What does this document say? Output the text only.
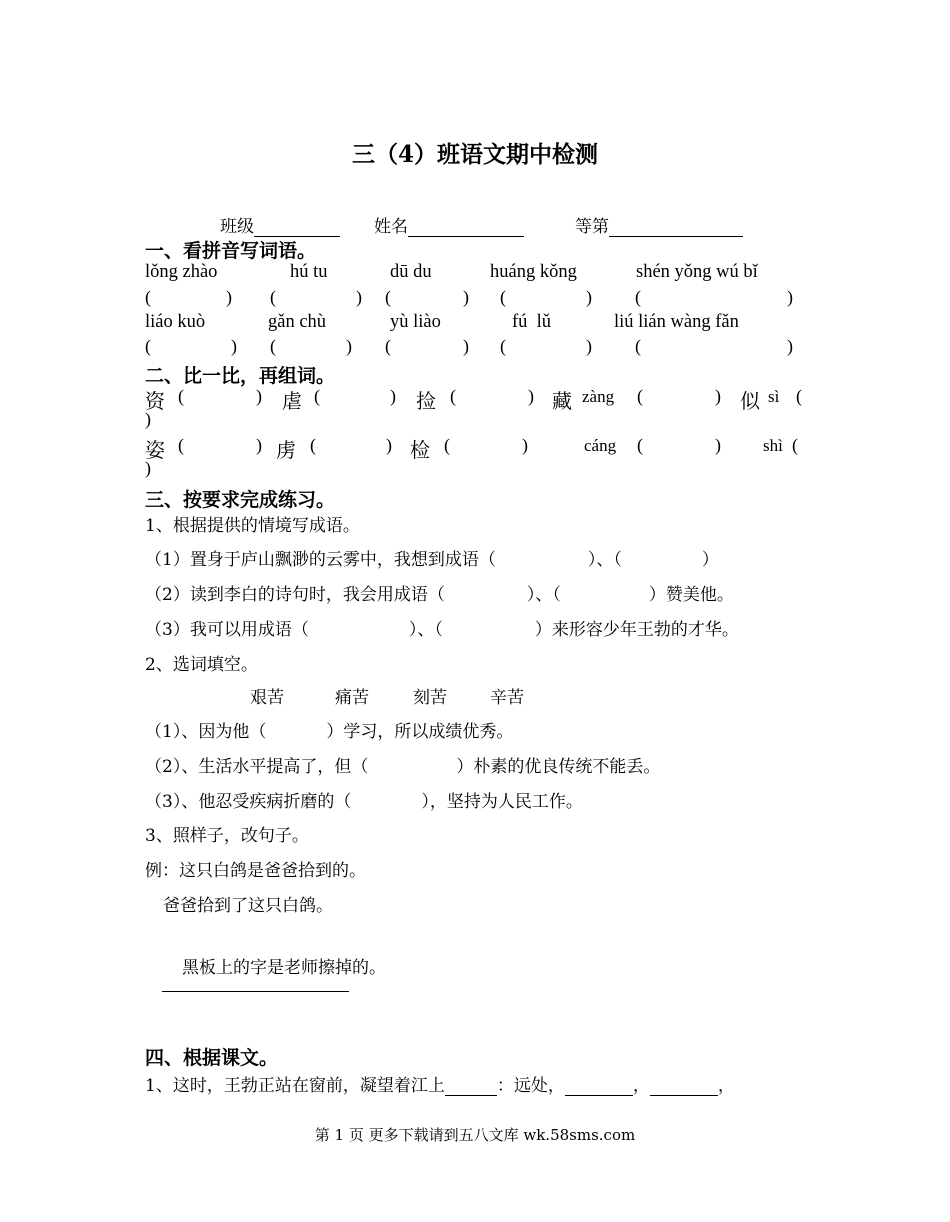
三（4）班语文期中检测
班级	姓名	等第
一、看拼音写词语。
lǒng zhào	hú tu	dū du	huáng kǒng	shén yǒng wú bǐ
(	) (	) (	) (	) (	)
liáo kuò	gǎn chù	yù liào	fú  lǔ	liú lián wàng fǎn
(	) (	) (	) (	) (	)
二、比一比，再组词。
资 (	) 虐 (	) 捡 (	) 藏 zàng (	) 似 sì (
)
姿 (	) 虏 (	) 检 (	)	cáng (	) shì (
)
三、按要求完成练习。
1、根据提供的情境写成语。
（1）置身于庐山飘渺的云雾中，我想到成语（	）、（	）
（2）读到李白的诗句时，我会用成语（	）、（	）赞美他。
（3）我可以用成语（	）、（	）来形容少年王勃的才华。
2、选词填空。
艰苦	痛苦	刻苦	辛苦
（1）、因为他（	）学习，所以成绩优秀。
（2）、生活水平提高了，但（	）朴素的优良传统不能丢。
（3）、他忍受疾病折磨的（	），坚持为人民工作。
3、照样子，改句子。
例：这只白鸽是爸爸拾到的。
爸爸拾到了这只白鸽。
黑板上的字是老师擦掉的。
四、根据课文。
1、这时，王勃正站在窗前，凝望着江上	：远处，	，	，
第 1 页 更多下载请到五八文库 wk.58sms.com
